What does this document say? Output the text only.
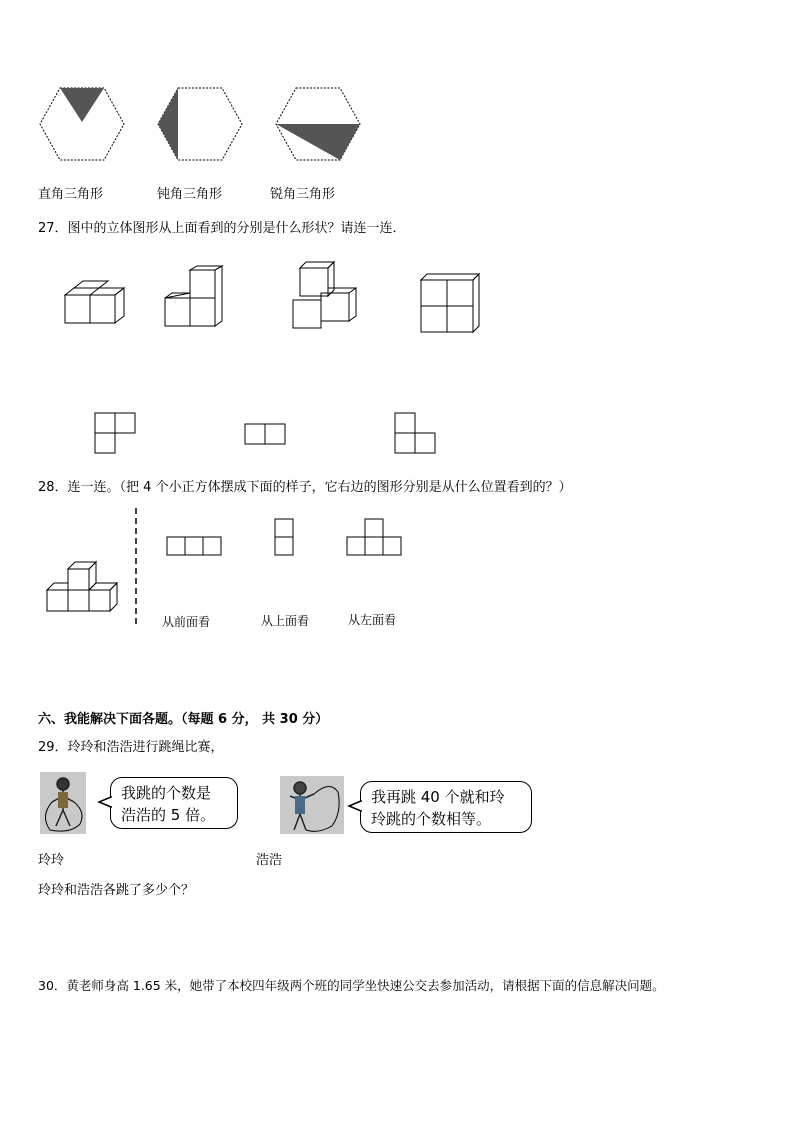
直角三角形	钝角三角形	锐角三角形
27．图中的立体图形从上面看到的分别是什么形状？请连一连．
28．连一连。（把 4 个小正方体摆成下面的样子，它右边的图形分别是从什么位置看到的？）
从前面看	从上面看	从左面看
六、我能解决下面各题。（每题 6 分， 共 30 分）
29．玲玲和浩浩进行跳绳比赛，
我跳的个数是
浩浩的 5 倍。
我再跳 40 个就和玲
玲跳的个数相等。
玲玲	浩浩
玲玲和浩浩各跳了多少个？
30．黄老师身高 1.65 米，她带了本校四年级两个班的同学坐快速公交去参加活动，请根据下面的信息解决问题。
